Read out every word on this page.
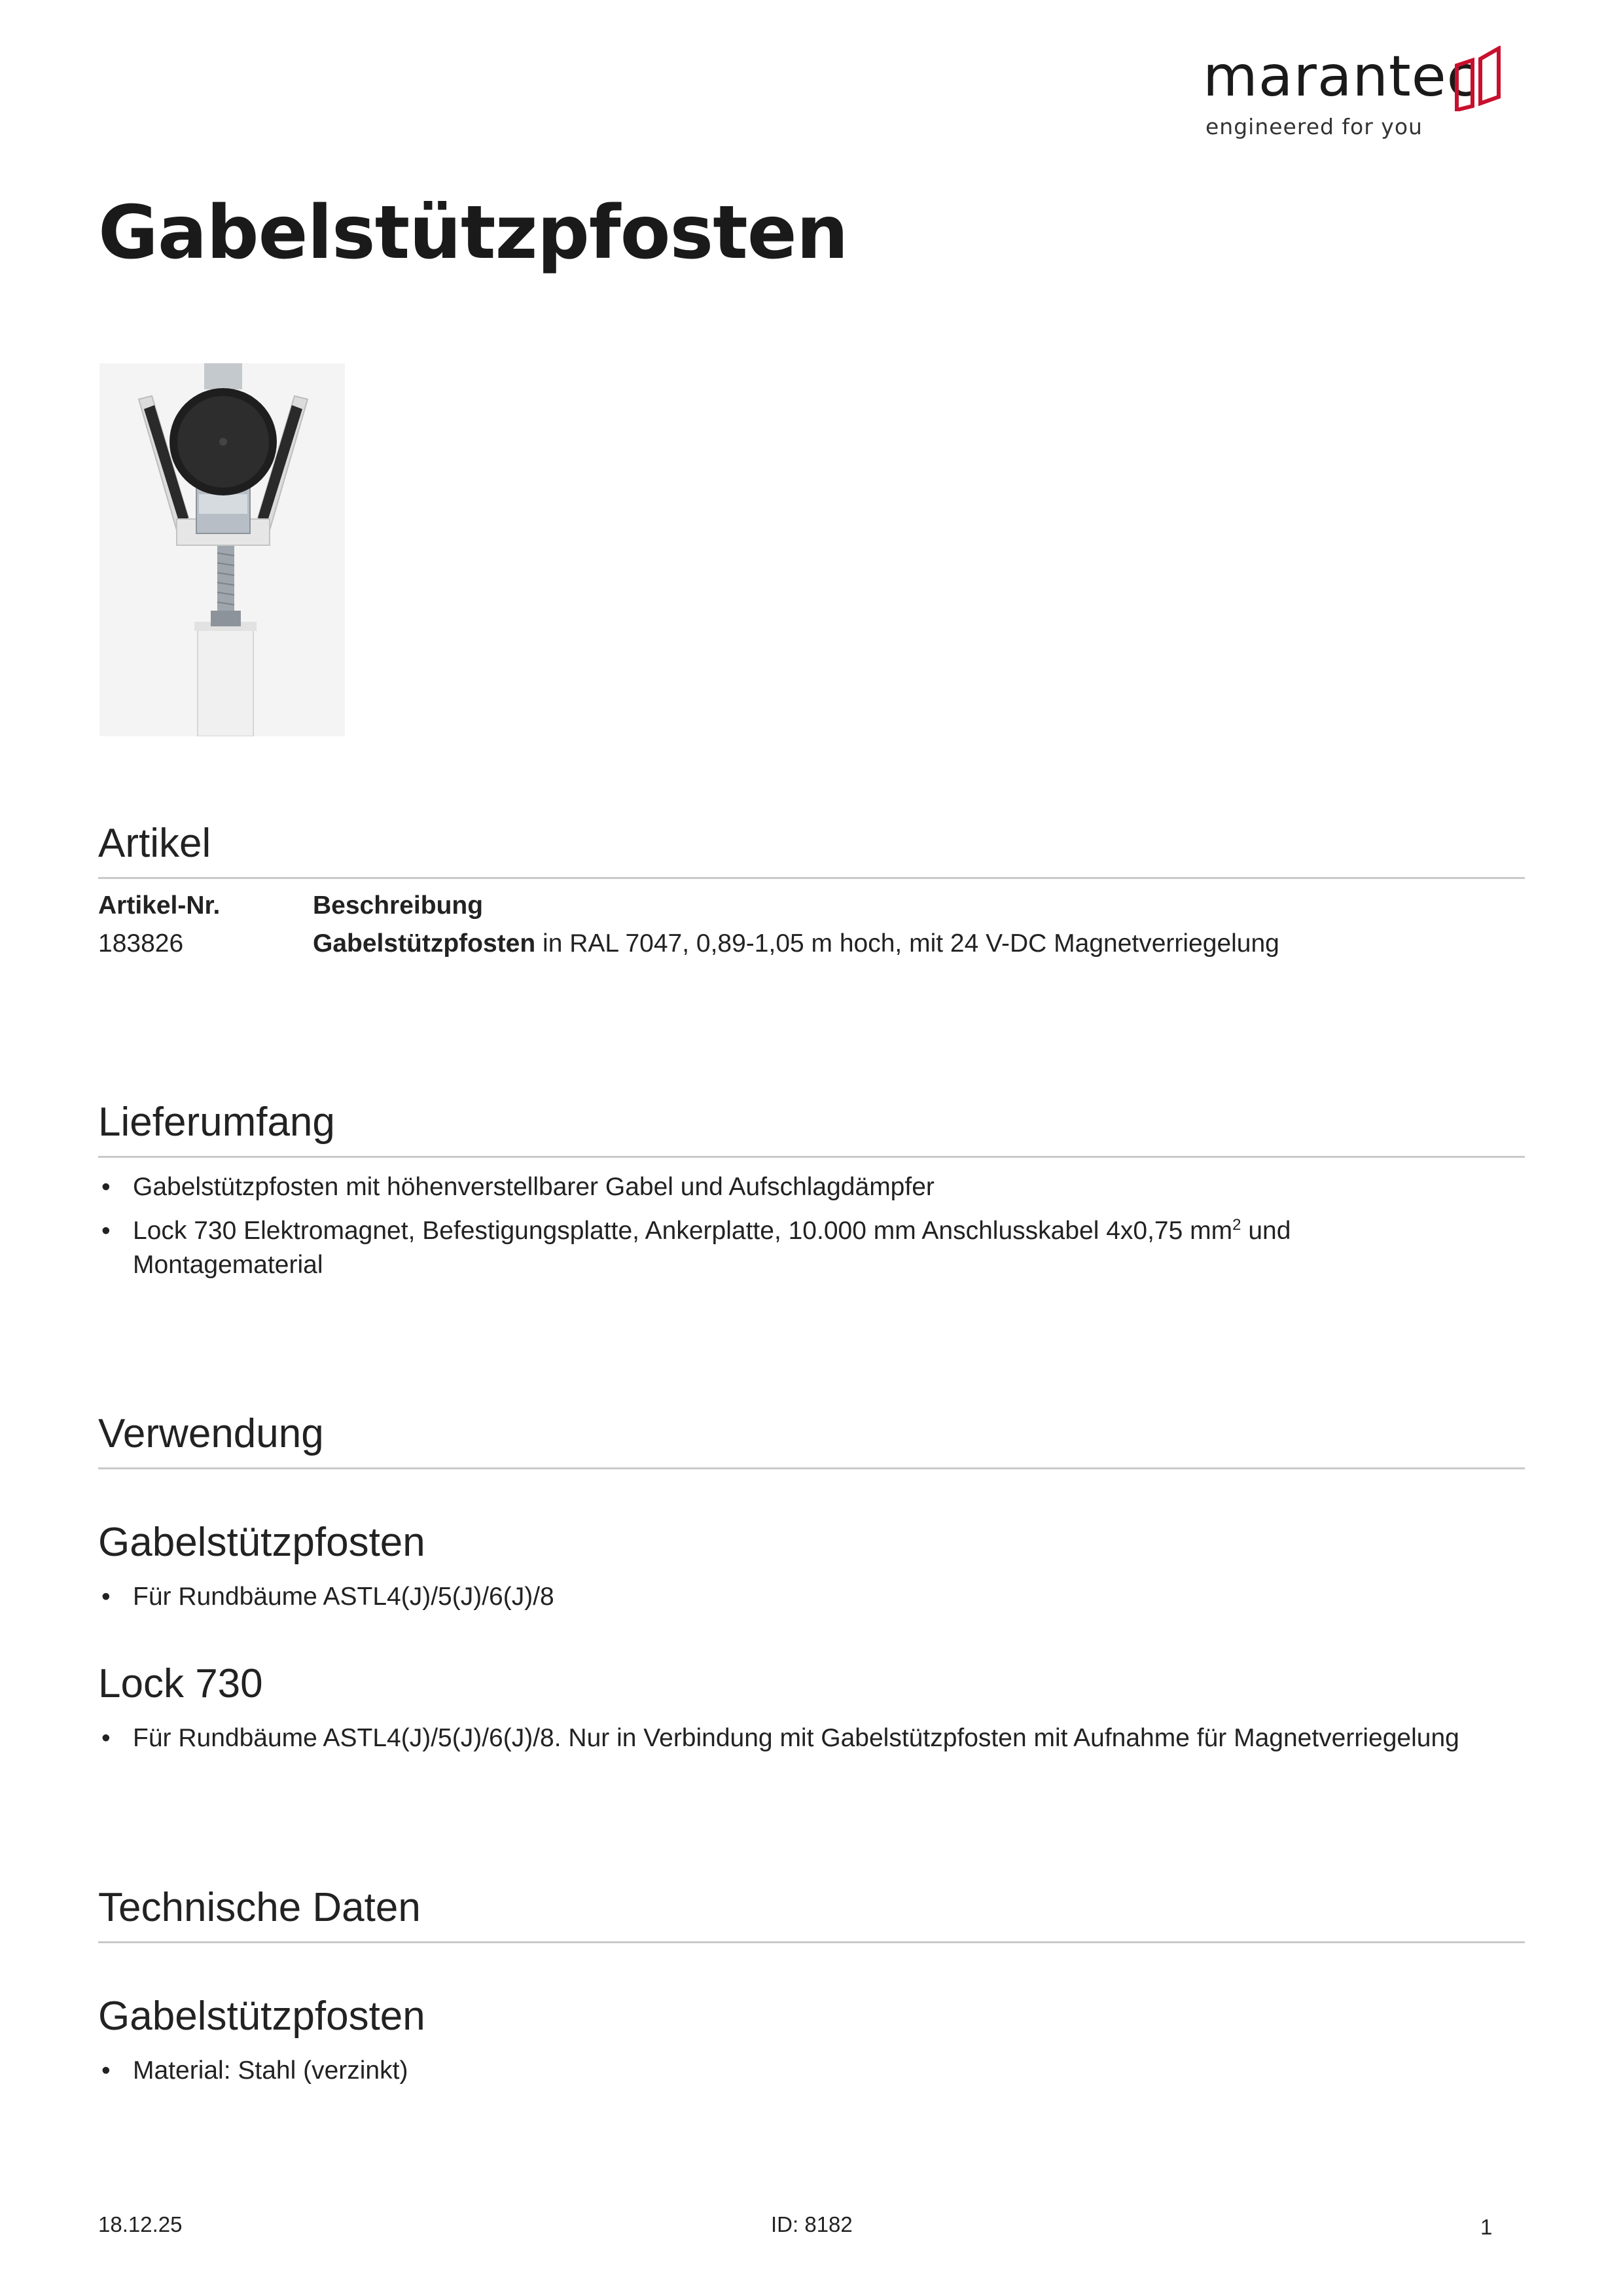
marantec
engineered for you
Gabelstützpfosten
Artikel
Artikel-Nr.	Beschreibung
183826	Gabelstützpfosten in RAL 7047, 0,89-1,05 m hoch, mit 24 V-DC Magnetverriegelung
Lieferumfang
• Gabelstützpfosten mit höhenverstellbarer Gabel und Aufschlagdämpfer
• Lock 730 Elektromagnet, Befestigungsplatte, Ankerplatte, 10.000 mm Anschlusskabel 4x0,75 $mm^2$ und
Montagematerial
Verwendung
Gabelstützpfosten
• Für Rundbäume ASTL4(J)/5(J)/6(J)/8
Lock 730
• Für Rundbäume ASTL4(J)/5(J)/6(J)/8. Nur in Verbindung mit Gabelstützpfosten mit Aufnahme für Magnetverriegelung
Technische Daten
Gabelstützpfosten
• Material: Stahl (verzinkt)
18.12.25	ID: 8182	1
